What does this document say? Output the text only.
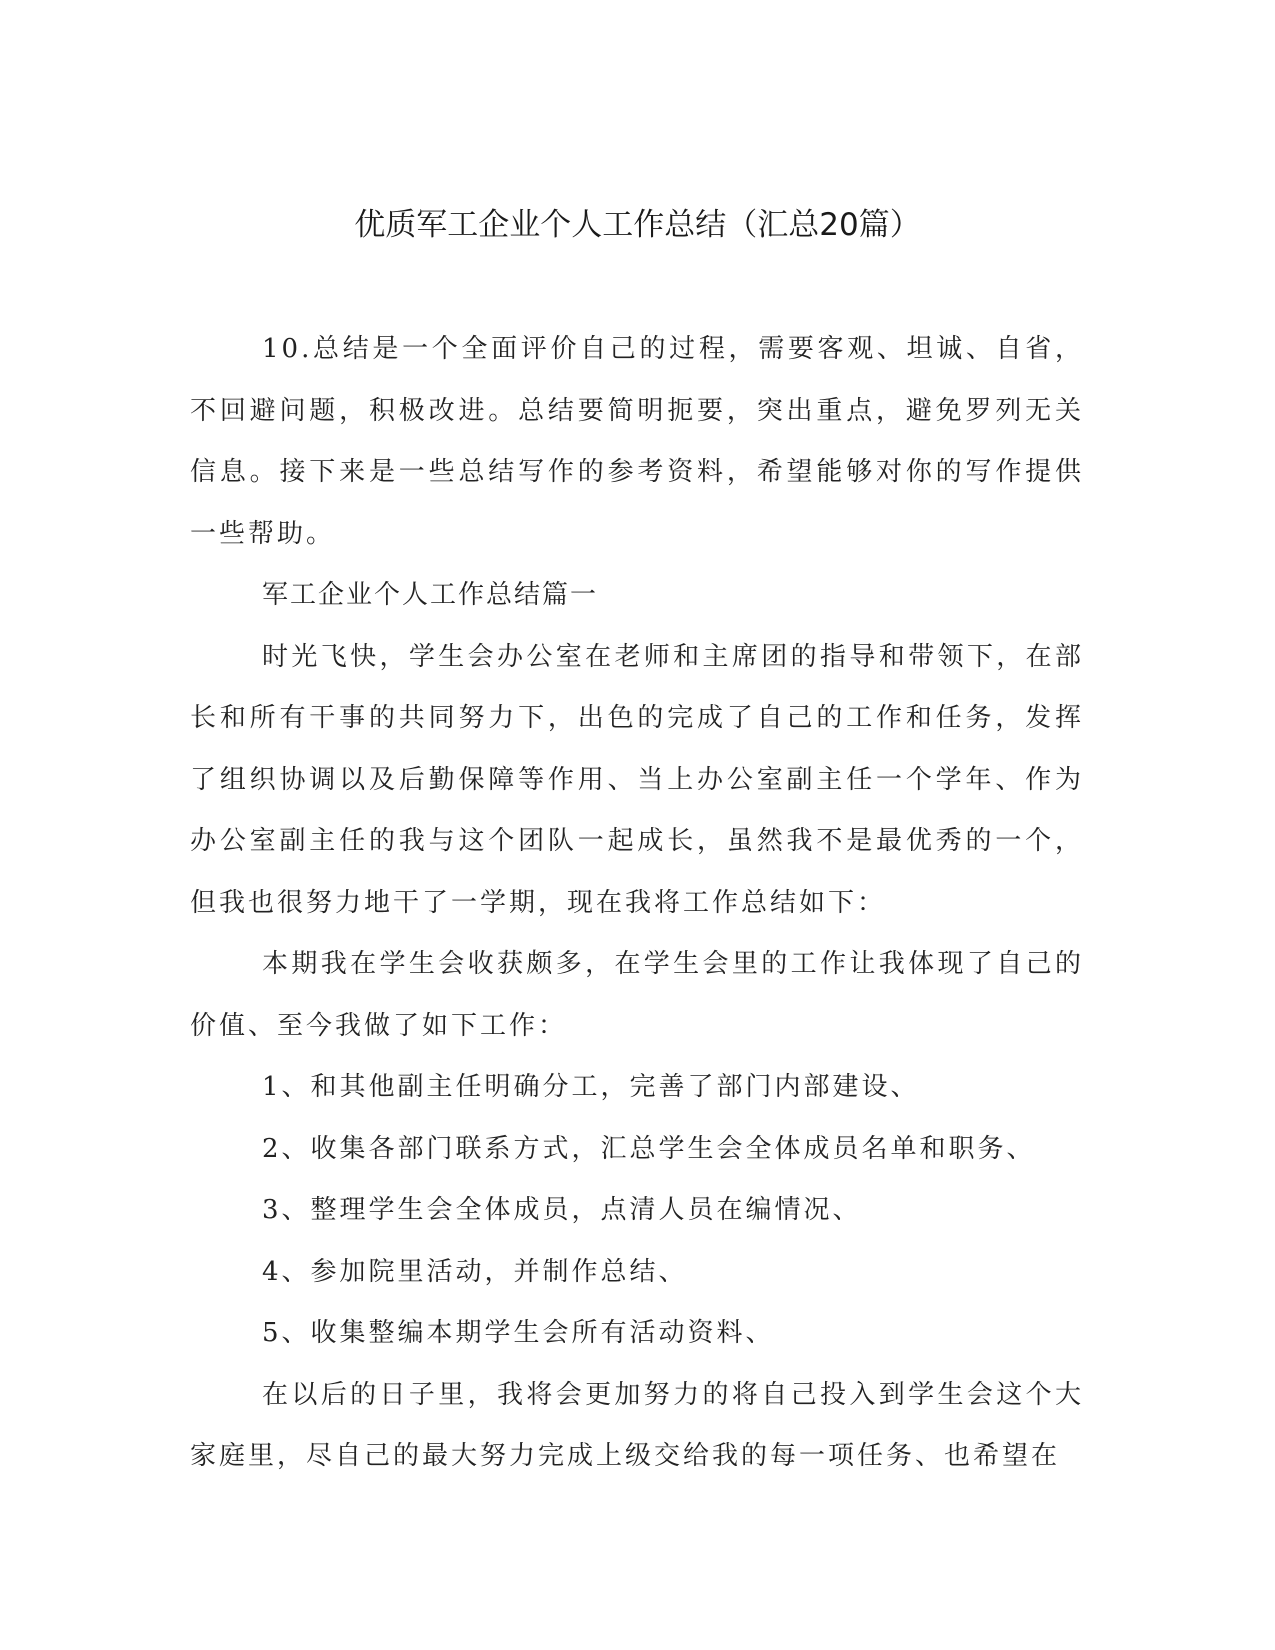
优质军工企业个人工作总结（汇总20篇）

10.总结是一个全面评价自己的过程，需要客观、坦诚、自省，不回避问题，积极改进。总结要简明扼要，突出重点，避免罗列无关信息。接下来是一些总结写作的参考资料，希望能够对你的写作提供一些帮助。

军工企业个人工作总结篇一

时光飞快，学生会办公室在老师和主席团的指导和带领下，在部长和所有干事的共同努力下，出色的完成了自己的工作和任务，发挥了组织协调以及后勤保障等作用、当上办公室副主任一个学年、作为办公室副主任的我与这个团队一起成长，虽然我不是最优秀的一个，但我也很努力地干了一学期，现在我将工作总结如下：

本期我在学生会收获颇多，在学生会里的工作让我体现了自己的价值、至今我做了如下工作：

1、和其他副主任明确分工，完善了部门内部建设、

2、收集各部门联系方式，汇总学生会全体成员名单和职务、

3、整理学生会全体成员，点清人员在编情况、

4、参加院里活动，并制作总结、

5、收集整编本期学生会所有活动资料、

在以后的日子里，我将会更加努力的将自己投入到学生会这个大家庭里，尽自己的最大努力完成上级交给我的每一项任务、也希望在
